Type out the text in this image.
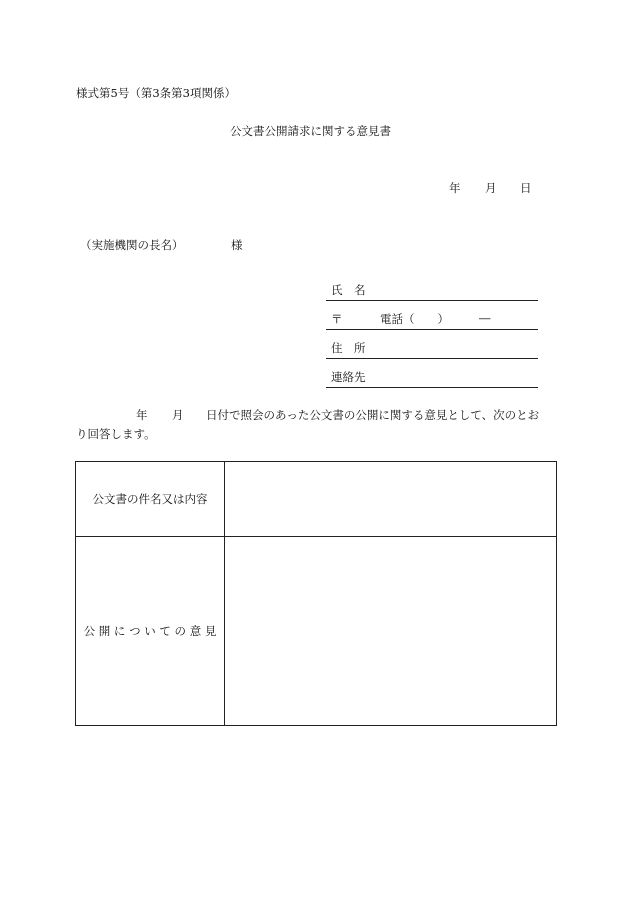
様式第5号（第3条第3項関係）
公文書公開請求に関する意見書
年 月 日
（実施機関の長名）	様
氏　名
〒	電話（　　）	―
住　所
連絡先
年 月 日付で照会のあった公文書の公開に関する意見として、次のとお
り回答します。
公文書の件名又は内容	
公 開 に つ い て の 意 見	
